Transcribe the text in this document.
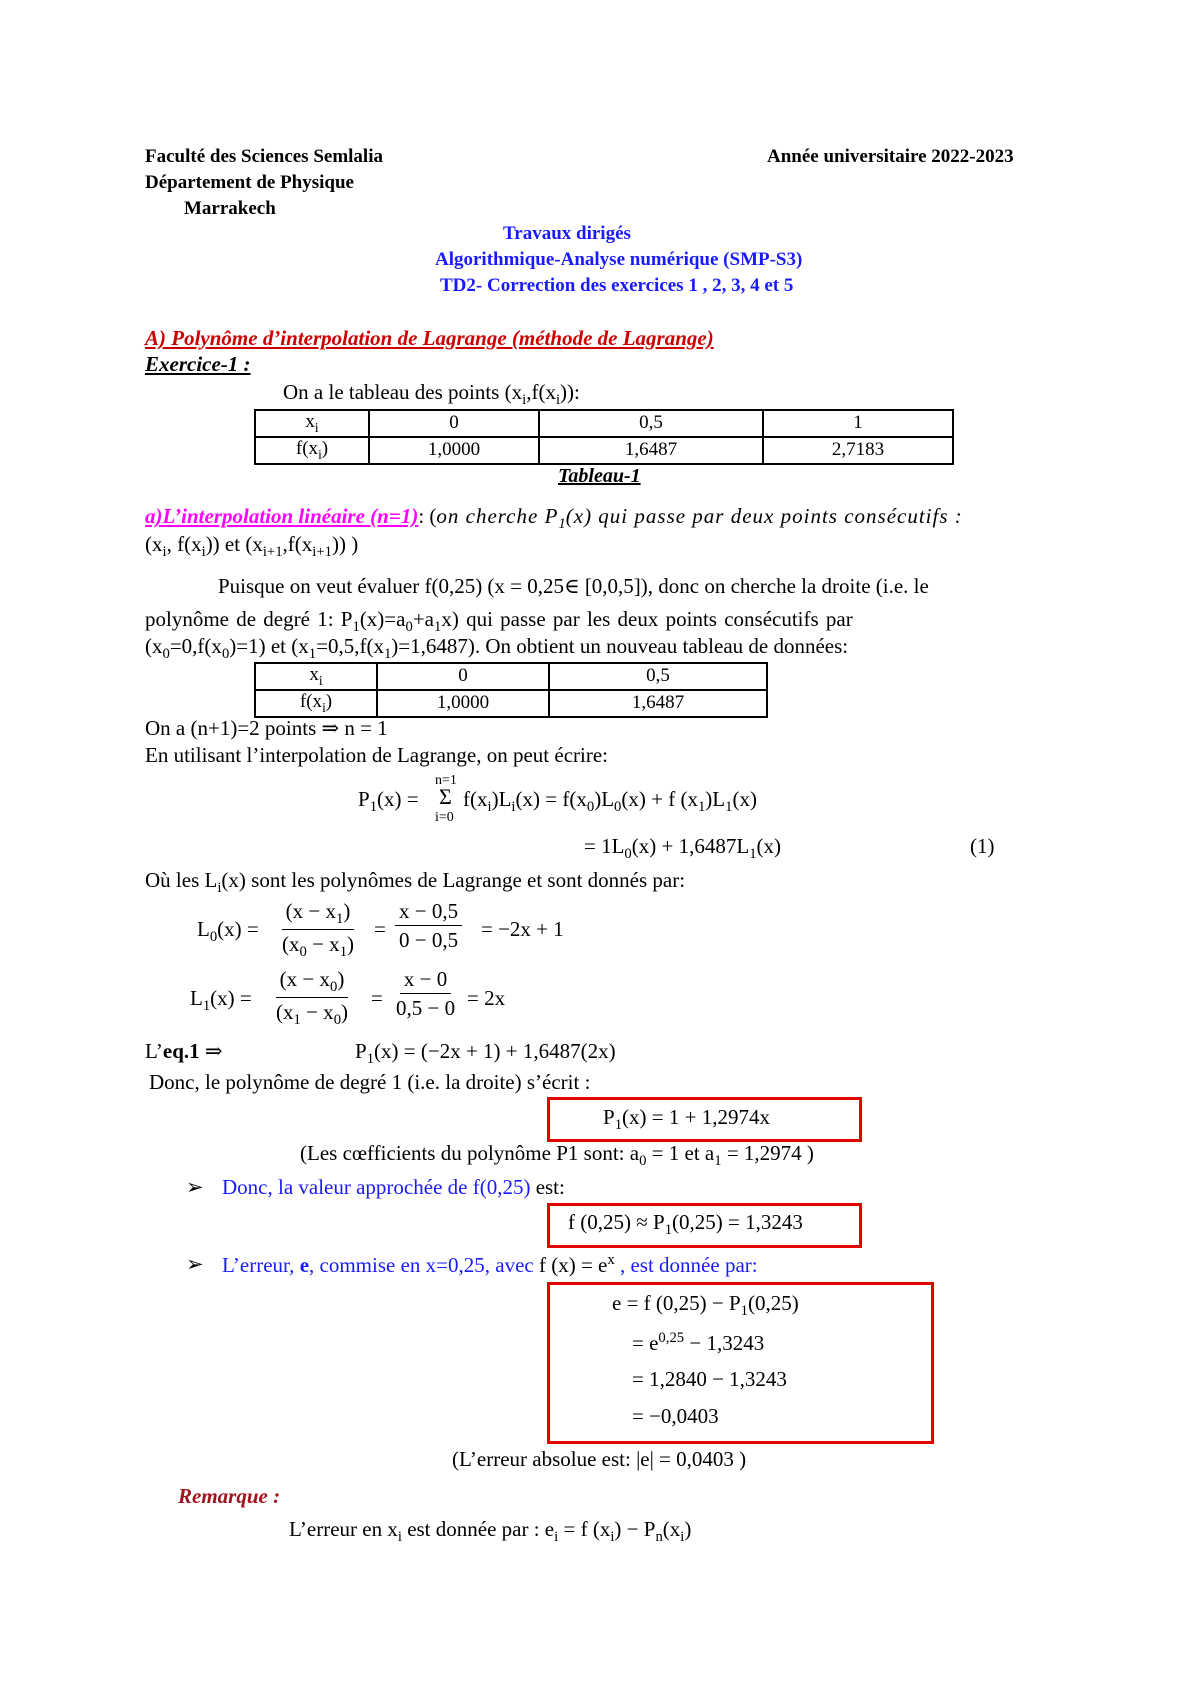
Faculté des Sciences Semlalia
Département de Physique
Marrakech
Année universitaire 2022-2023
Travaux dirigés
Algorithmique-Analyse numérique (SMP-S3)
TD2- Correction des exercices 1 , 2, 3, 4 et 5
A) Polynôme d’interpolation de Lagrange (méthode de Lagrange)
Exercice-1 :
On a le tableau des points $(x_i,f(x_i))$:
$x_i$	0	0,5	1
$f(x_i)$	1,0000	1,6487	2,7183
Tableau-1
a)L’interpolation linéaire (n=1): (on cherche $P_1(x)$ qui passe par deux points consécutifs :
($x_i$, $f(x_i)$) et $(x_{i+1},f(x_{i+1}))$ )
Puisque on veut évaluer f(0,25) (x = 0,25∈ [0,0,5]), donc on cherche la droite (i.e. le
polynôme de degré 1: $P_1(x)=a_0+a_1x$) qui passe par les deux points consécutifs par
$(x_0=0,f(x_0)=1)$ et $(x_1=0,5,f(x_1)=1,6487)$. On obtient un nouveau tableau de données:
$x_i$	0	0,5
$f(x_i)$	1,0000	1,6487
On a (n+1)=2 points ⇒ n = 1
En utilisant l’interpolation de Lagrange, on peut écrire:
$P_1(x)$ =
n=1
Σ
i=0
$f(x_i)L_i(x) = f(x_0)L_0(x) + f$ $(x_1)L_1(x)$
= $1L_0(x) + 1,6487L_1(x)$	(1)
Où les $L_i(x)$ sont les polynômes de Lagrange et sont donnés par:
$L_0(x) = \frac{(x - x_1)}{(x_0 - x_1)} = \frac{x - 0,5}{0 - 0,5} = -2x + 1$
$L_1(x) = \frac{(x - x_0)}{(x_1 - x_0)} = \frac{x - 0}{0,5 - 0} = 2x$
L’eq.1 ⇒	$P_1(x) = (-2x + 1) + 1,6487(2x)$
Donc, le polynôme de degré 1 (i.e. la droite) s’écrit :
$P_1(x) = 1 + 1,2974x$
(Les cœfficients du polynôme P1 sont: $a_0 = 1$ et $a_1 = 1,2974$ )
➢ Donc, la valeur approchée de f(0,25) est:
f $(0,25) \approx P_1(0,25) = 1,3243$
➢ L’erreur, e, commise en x=0,25, avec f $(x) = e^x$ , est donnée par:
e = f $(0,25) - P_1(0,25)$
= $e^{0,25} - 1,3243$
= 1,2840 − 1,3243
= −0,0403
(L’erreur absolue est: |e| = 0,0403 )
Remarque :
L’erreur en $x_i$ est donnée par : $e_i = f$ $(x_i) - P_n(x_i)$
